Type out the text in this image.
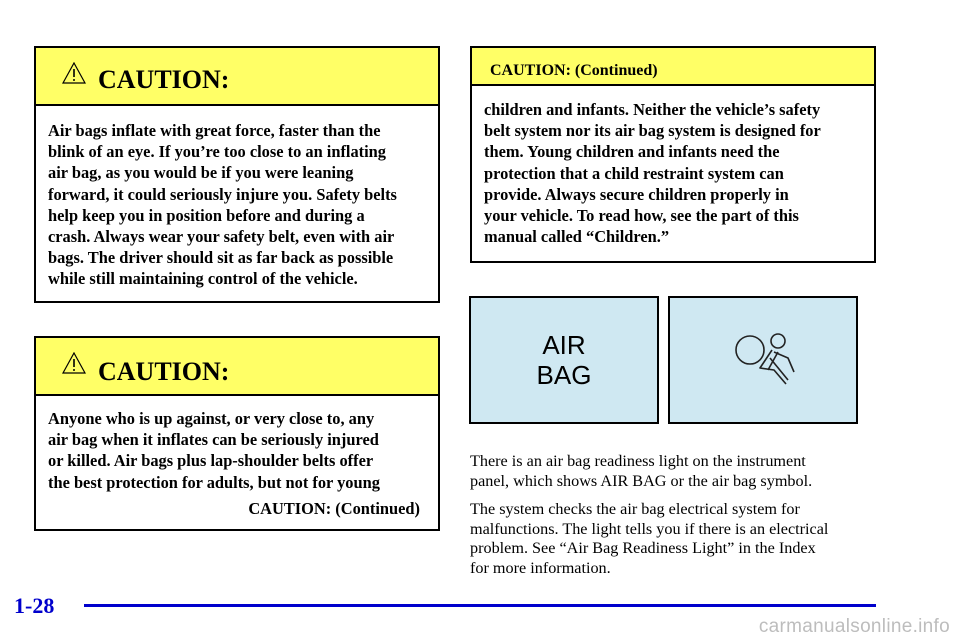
CAUTION:
Air bags inflate with great force, faster than the
blink of an eye. If you’re too close to an inflating
air bag, as you would be if you were leaning
forward, it could seriously injure you. Safety belts
help keep you in position before and during a
crash. Always wear your safety belt, even with air
bags. The driver should sit as far back as possible
while still maintaining control of the vehicle.
CAUTION:
Anyone who is up against, or very close to, any
air bag when it inflates can be seriously injured
or killed. Air bags plus lap-shoulder belts offer
the best protection for adults, but not for young
CAUTION: (Continued)
CAUTION: (Continued)
children and infants. Neither the vehicle’s safety
belt system nor its air bag system is designed for
them. Young children and infants need the
protection that a child restraint system can
provide. Always secure children properly in
your vehicle. To read how, see the part of this
manual called “Children.”
AIR
BAG
There is an air bag readiness light on the instrument
panel, which shows AIR BAG or the air bag symbol.
The system checks the air bag electrical system for
malfunctions. The light tells you if there is an electrical
problem. See “Air Bag Readiness Light” in the Index
for more information.
1-28
carmanualsonline.info
